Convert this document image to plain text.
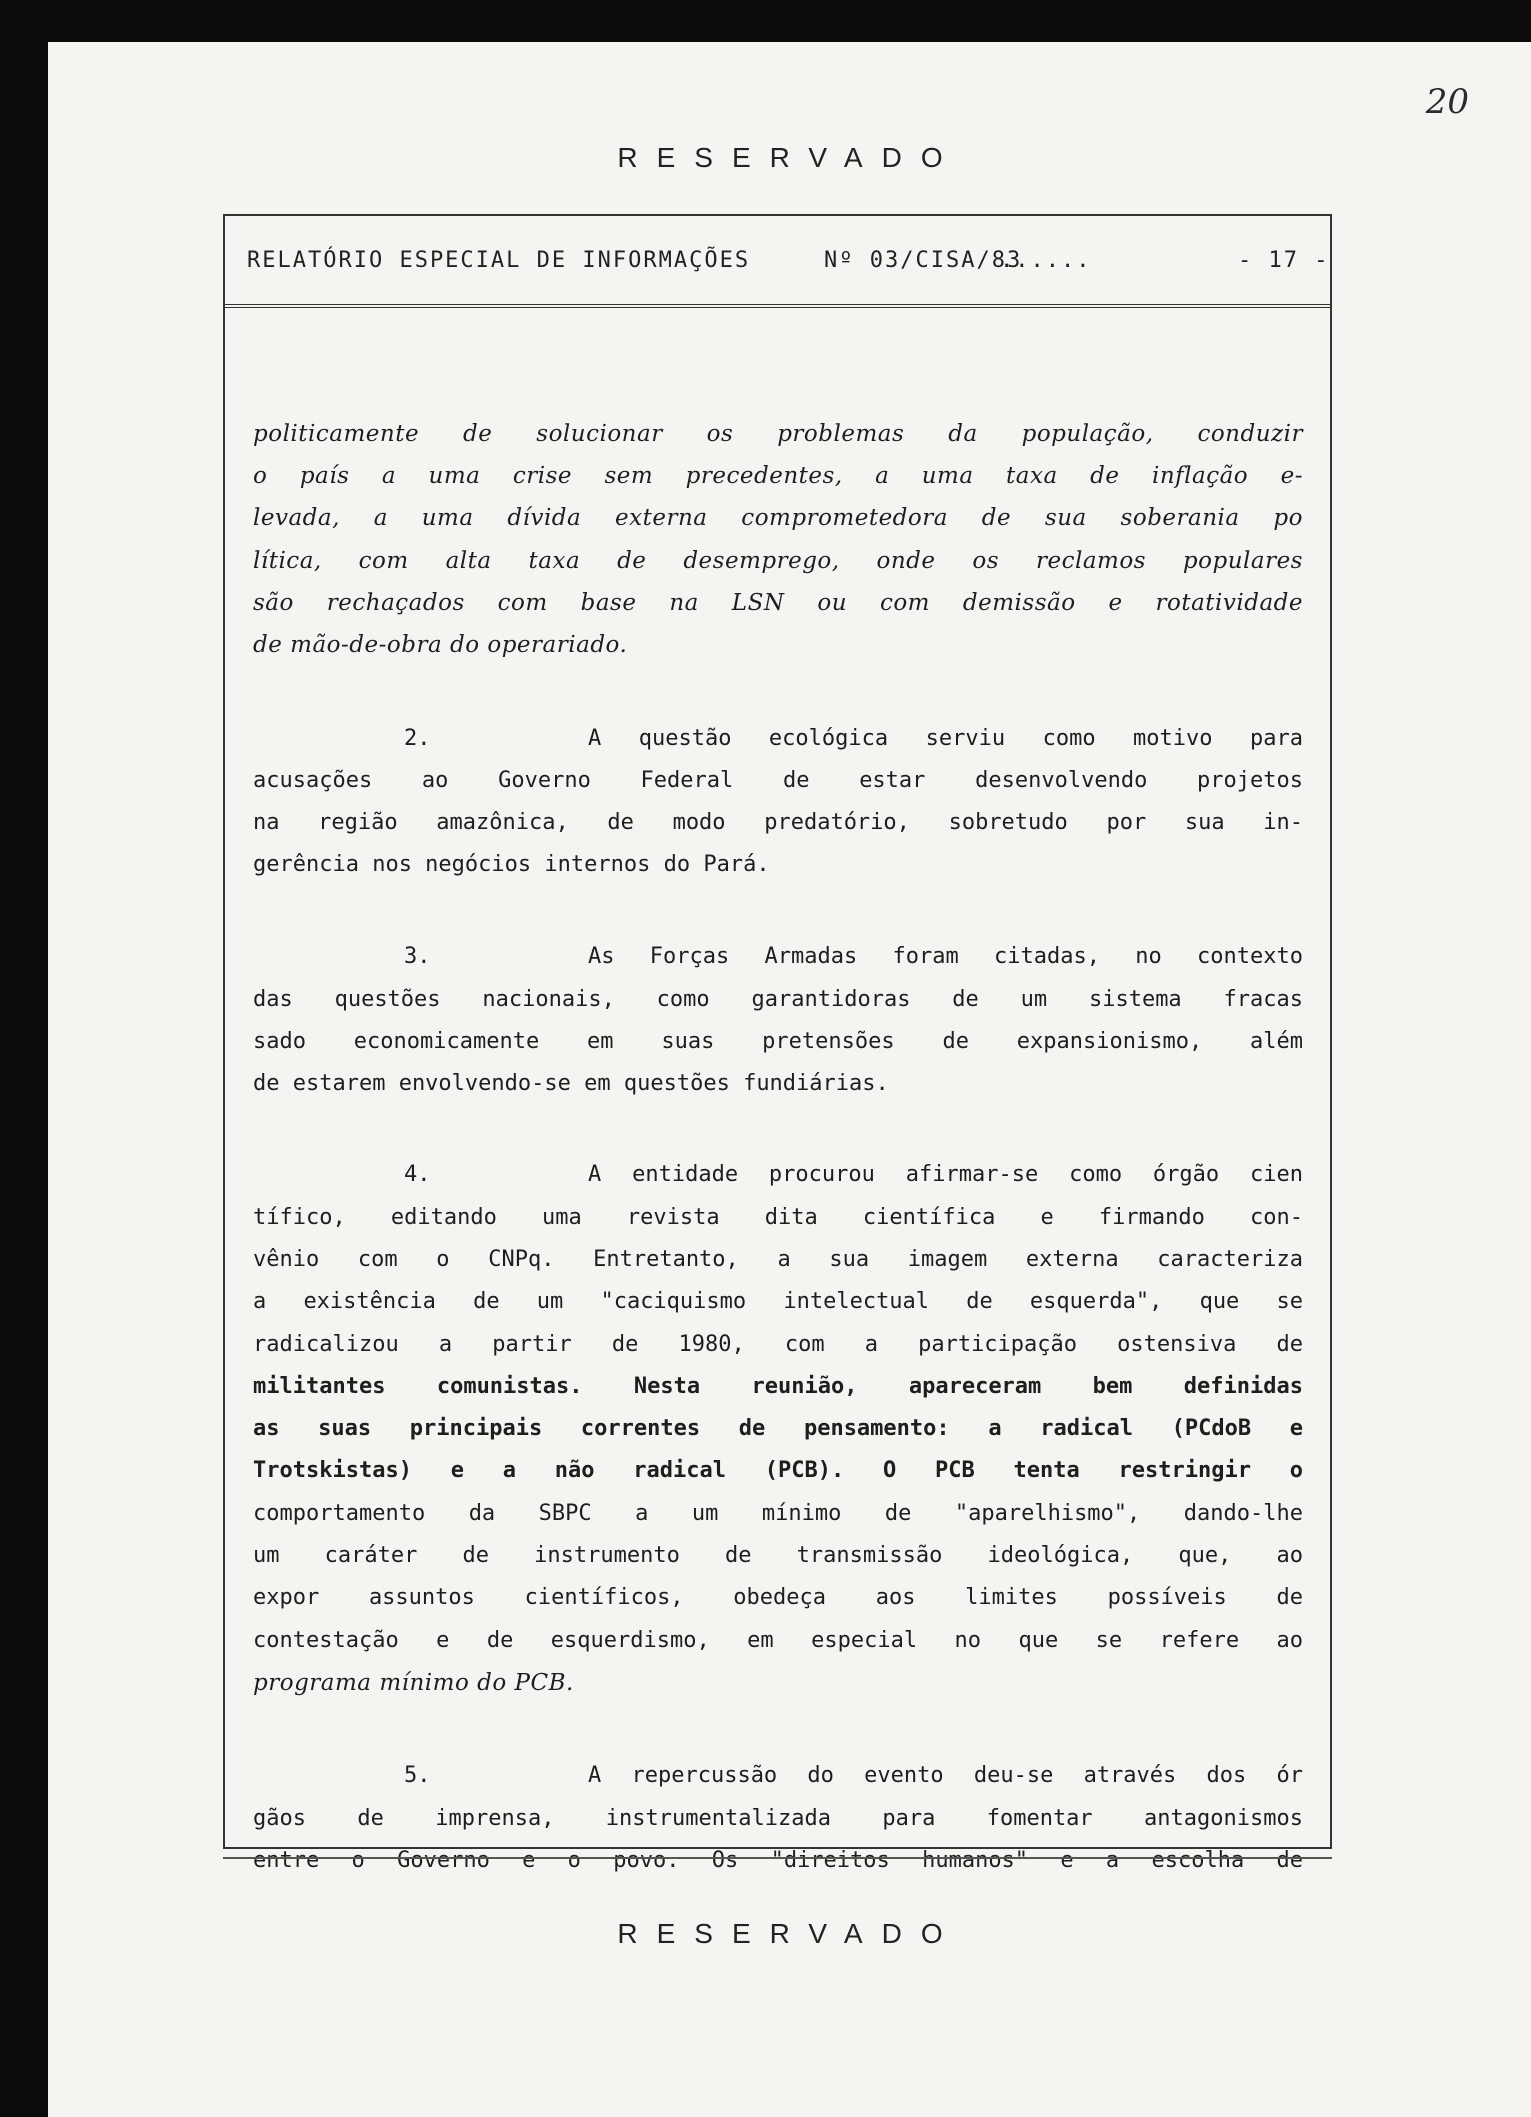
20

RESERVADO

RELATÓRIO ESPECIAL DE INFORMAÇÕES	Nº 03/CISA/83
......	- 17 -

politicamente de solucionar os problemas da população, conduzir

o país a uma crise sem precedentes, a uma taxa de inflação e-

levada, a uma dívida externa comprometedora de sua soberania po

lítica, com alta taxa de desemprego, onde os reclamos populares

são rechaçados com base na LSN ou com demissão e rotatividade

de mão-de-obra do operariado.

2.	A questão ecológica serviu como motivo para

acusações ao Governo Federal de estar desenvolvendo projetos

na região amazônica, de modo predatório, sobretudo por sua in-

gerência nos negócios internos do Pará.

3.	As Forças Armadas foram citadas, no contexto

das questões nacionais, como garantidoras de um sistema fracas

sado economicamente em suas pretensões de expansionismo, além

de estarem envolvendo-se em questões fundiárias.

4.	A entidade procurou afirmar-se como órgão cien

tífico, editando uma revista dita científica e firmando con-

vênio com o CNPq. Entretanto, a sua imagem externa caracteriza

a existência de um "caciquismo intelectual de esquerda", que se

radicalizou a partir de 1980, com a participação ostensiva de

militantes comunistas. Nesta reunião, apareceram bem definidas

as suas principais correntes de pensamento: a radical (PCdoB e

Trotskistas) e a não radical (PCB). O PCB tenta restringir o

comportamento da SBPC a um mínimo de "aparelhismo", dando-lhe

um caráter de instrumento de transmissão ideológica, que, ao

expor assuntos científicos, obedeça aos limites possíveis de

contestação e de esquerdismo, em especial no que se refere ao

programa mínimo do PCB.

5.	A repercussão do evento deu-se através dos ór

gãos de imprensa, instrumentalizada para fomentar antagonismos

entre o Governo e o povo. Os "direitos humanos" e a escolha de

RESERVADO
